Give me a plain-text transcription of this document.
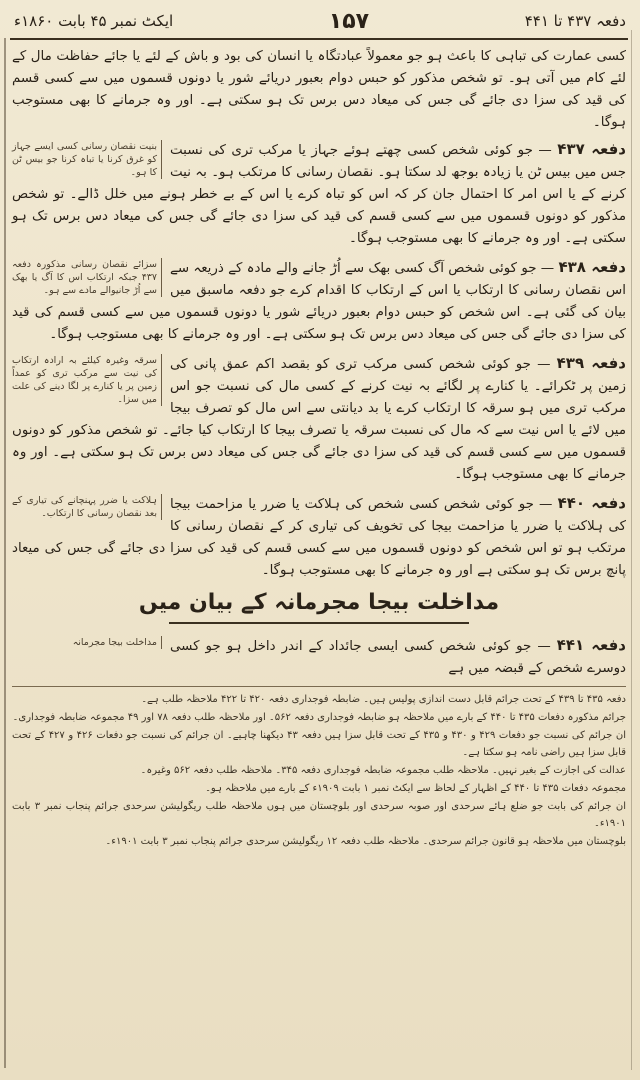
دفعہ ۴۳۷ تا ۴۴۱
۱۵۷
ایکٹ نمبر ۴۵ بابت ۱۸۶۰ء

کسی عمارت کی تباہی کا باعث ہو جو معمولاً عبادتگاہ یا انسان کی بود و باش کے لئے یا جائے حفاظت مال کے لئے کام میں آتی ہو۔ تو شخص مذکور کو حبس دوام بعبور دریائے شور یا دونوں قسموں میں سے کسی قسم کی قید کی سزا دی جائے گی جس کی میعاد دس برس تک ہو سکتی ہے۔ اور وہ جرمانے کا بھی مستوجب ہوگا۔

بنیت نقصان رسانی کسی ایسے جہاز کو غرق کرنا یا تباہ کرنا جو بیس ٹن کا ہو۔
دفعہ ۴۳۷ — جو کوئی شخص کسی چھتے ہوئے جہاز یا مرکب تری کی نسبت جس میں بیس ٹن یا زیادہ بوجھ لد سکتا ہو۔ نقصان رسانی کا مرتکب ہو۔ بہ نیت کرنے کے یا اس امر کا احتمال جان کر کہ اس کو تباہ کرے یا اس کے بے خطر ہونے میں خلل ڈالے۔ تو شخص مذکور کو دونوں قسموں میں سے کسی قسم کی قید کی سزا دی جائے گی جس کی میعاد دس برس تک ہو سکتی ہے۔ اور وہ جرمانے کا بھی مستوجب ہوگا۔
سزائے نقصان رسانی مذکورہ دفعہ ۴۳۷ جبکہ ارتکاب اس کا آگ یا بھک سے اُڑ جانیوالے مادے سے ہو۔
دفعہ ۴۳۸ — جو کوئی شخص آگ کسی بھک سے اُڑ جانے والے مادہ کے ذریعہ سے اس نقصان رسانی کا ارتکاب یا اس کے ارتکاب کا اقدام کرے جو دفعہ ماسبق میں بیان کی گئی ہے۔ اس شخص کو حبس دوام بعبور دریائے شور یا دونوں قسموں میں سے کسی قسم کی قید کی سزا دی جائے گی جس کی میعاد دس برس تک ہو سکتی ہے۔ اور وہ جرمانے کا بھی مستوجب ہوگا۔
سرقہ وغیرہ کیلئے بہ ارادہ ارتکاب کی نیت سے مرکب تری کو عمداً زمین پر یا کنارے پر لگا دینے کی علت میں سزا۔
دفعہ ۴۳۹ — جو کوئی شخص کسی مرکب تری کو بقصد اکم عمق پانی کی زمین پر ٹکرائے۔ یا کنارے پر لگائے بہ نیت کرنے کے کسی مال کی نسبت جو اس مرکب تری میں ہو سرقہ کا ارتکاب کرے یا بد دیانتی سے اس مال کو تصرف بیجا میں لائے یا اس نیت سے کہ مال کی نسبت سرقہ یا تصرف بیجا کا ارتکاب کیا جائے۔ تو شخص مذکور کو دونوں قسموں میں سے کسی قسم کی قید کی سزا دی جائے گی جس کی میعاد دس برس تک ہو سکتی ہے۔ اور وہ جرمانے کا بھی مستوجب ہوگا۔
ہلاکت یا ضرر پہنچانے کی تیاری کے بعد نقصان رسانی کا ارتکاب۔
دفعہ ۴۴۰ — جو کوئی شخص کسی شخص کی ہلاکت یا ضرر یا مزاحمت بیجا کی ہلاکت یا ضرر یا مزاحمت بیجا کی تخویف کی تیاری کر کے نقصان رسانی کا مرتکب ہو تو اس شخص کو دونوں قسموں میں سے کسی قسم کی قید کی سزا دی جائے گی جس کی میعاد پانچ برس تک ہو سکتی ہے اور وہ جرمانے کا بھی مستوجب ہوگا۔
مداخلت بیجا مجرمانہ کے بیان میں
مداخلت بیجا مجرمانہ	دفعہ ۴۴۱ — جو کوئی شخص کسی ایسی جائداد کے اندر داخل ہو جو کسی دوسرے شخص کے قبضہ میں ہے

دفعہ ۴۳۵ تا ۴۳۹ کے تحت جرائم قابل دست اندازی پولیس ہیں۔ ضابطہ فوجداری دفعہ ۴۲۰ تا ۴۲۲ ملاحظہ طلب ہے۔

جرائم مذکورہ دفعات ۴۳۵ تا ۴۴۰ کے بارے میں ملاحظہ ہو ضابطہ فوجداری دفعہ ۵۶۲۔ اور ملاحظہ طلب دفعہ ۷۸ اور ۴۹ مجموعہ ضابطہ فوجداری۔

ان جرائم کی نسبت جو دفعات ۴۲۹ و ۴۳۰ و ۴۳۵ کے تحت قابل سزا ہیں دفعہ ۴۳ دیکھنا چاہیے۔ ان جرائم کی نسبت جو دفعات ۴۲۶ و ۴۲۷ کے تحت قابل سزا ہیں راضی نامہ ہو سکتا ہے۔

عدالت کی اجازت کے بغیر نہیں۔ ملاحظہ طلب مجموعہ ضابطہ فوجداری دفعہ ۳۴۵۔ ملاحظہ طلب دفعہ ۵۶۲ وغیرہ۔

مجموعہ دفعات ۴۳۵ تا ۴۴۰ کے اظہار کے لحاظ سے ایکٹ نمبر ۱ بابت ۱۹۰۹ء کے بارے میں ملاحظہ ہو۔

ان جرائم کی بابت جو ضلع ہائے سرحدی اور صوبہ سرحدی اور بلوچستان میں ہوں ملاحظہ طلب ریگولیشن سرحدی جرائم پنجاب نمبر ۳ بابت ۱۹۰۱ء۔

بلوچستان میں ملاحظہ ہو قانون جرائم سرحدی۔ ملاحظہ طلب دفعہ ۱۲ ریگولیشن سرحدی جرائم پنجاب نمبر ۳ بابت ۱۹۰۱ء۔
